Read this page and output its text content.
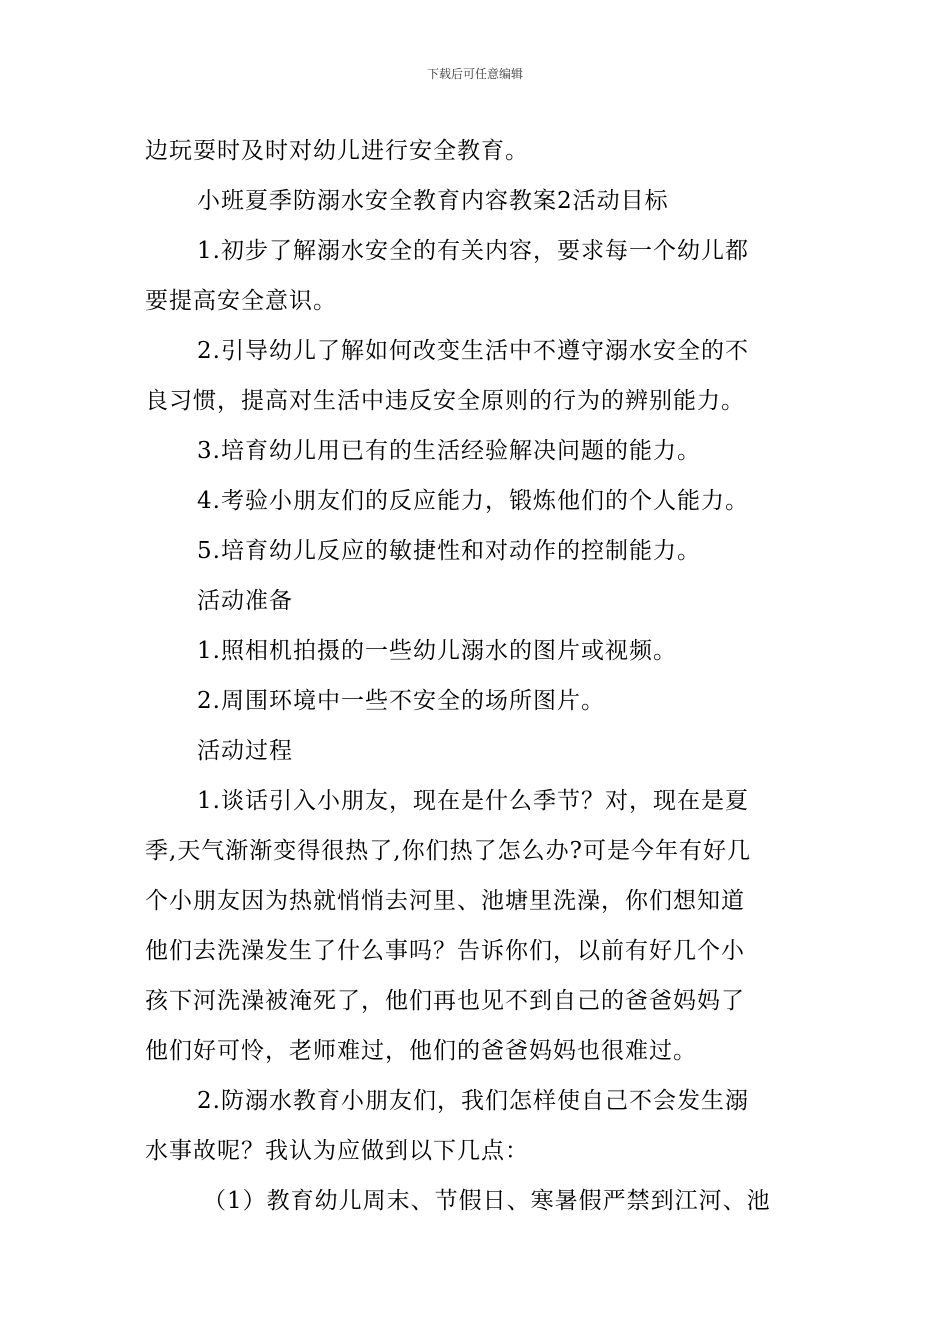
下载后可任意编辑

边玩耍时及时对幼儿进行安全教育。

小班夏季防溺水安全教育内容教案2活动目标

1.初步了解溺水安全的有关内容，要求每一个幼儿都

要提高安全意识。

2.引导幼儿了解如何改变生活中不遵守溺水安全的不

良习惯，提高对生活中违反安全原则的行为的辨别能力。

3.培育幼儿用已有的生活经验解决问题的能力。

4.考验小朋友们的反应能力，锻炼他们的个人能力。

5.培育幼儿反应的敏捷性和对动作的控制能力。

活动准备

1.照相机拍摄的一些幼儿溺水的图片或视频。

2.周围环境中一些不安全的场所图片。

活动过程

1.谈话引入小朋友，现在是什么季节？对，现在是夏

季,天气渐渐变得很热了,你们热了怎么办?可是今年有好几

个小朋友因为热就悄悄去河里、池塘里洗澡，你们想知道

他们去洗澡发生了什么事吗？告诉你们，以前有好几个小

孩下河洗澡被淹死了，他们再也见不到自己的爸爸妈妈了

他们好可怜，老师难过，他们的爸爸妈妈也很难过。

2.防溺水教育小朋友们，我们怎样使自己不会发生溺

水事故呢？我认为应做到以下几点：

（1）教育幼儿周末、节假日、寒暑假严禁到江河、池
